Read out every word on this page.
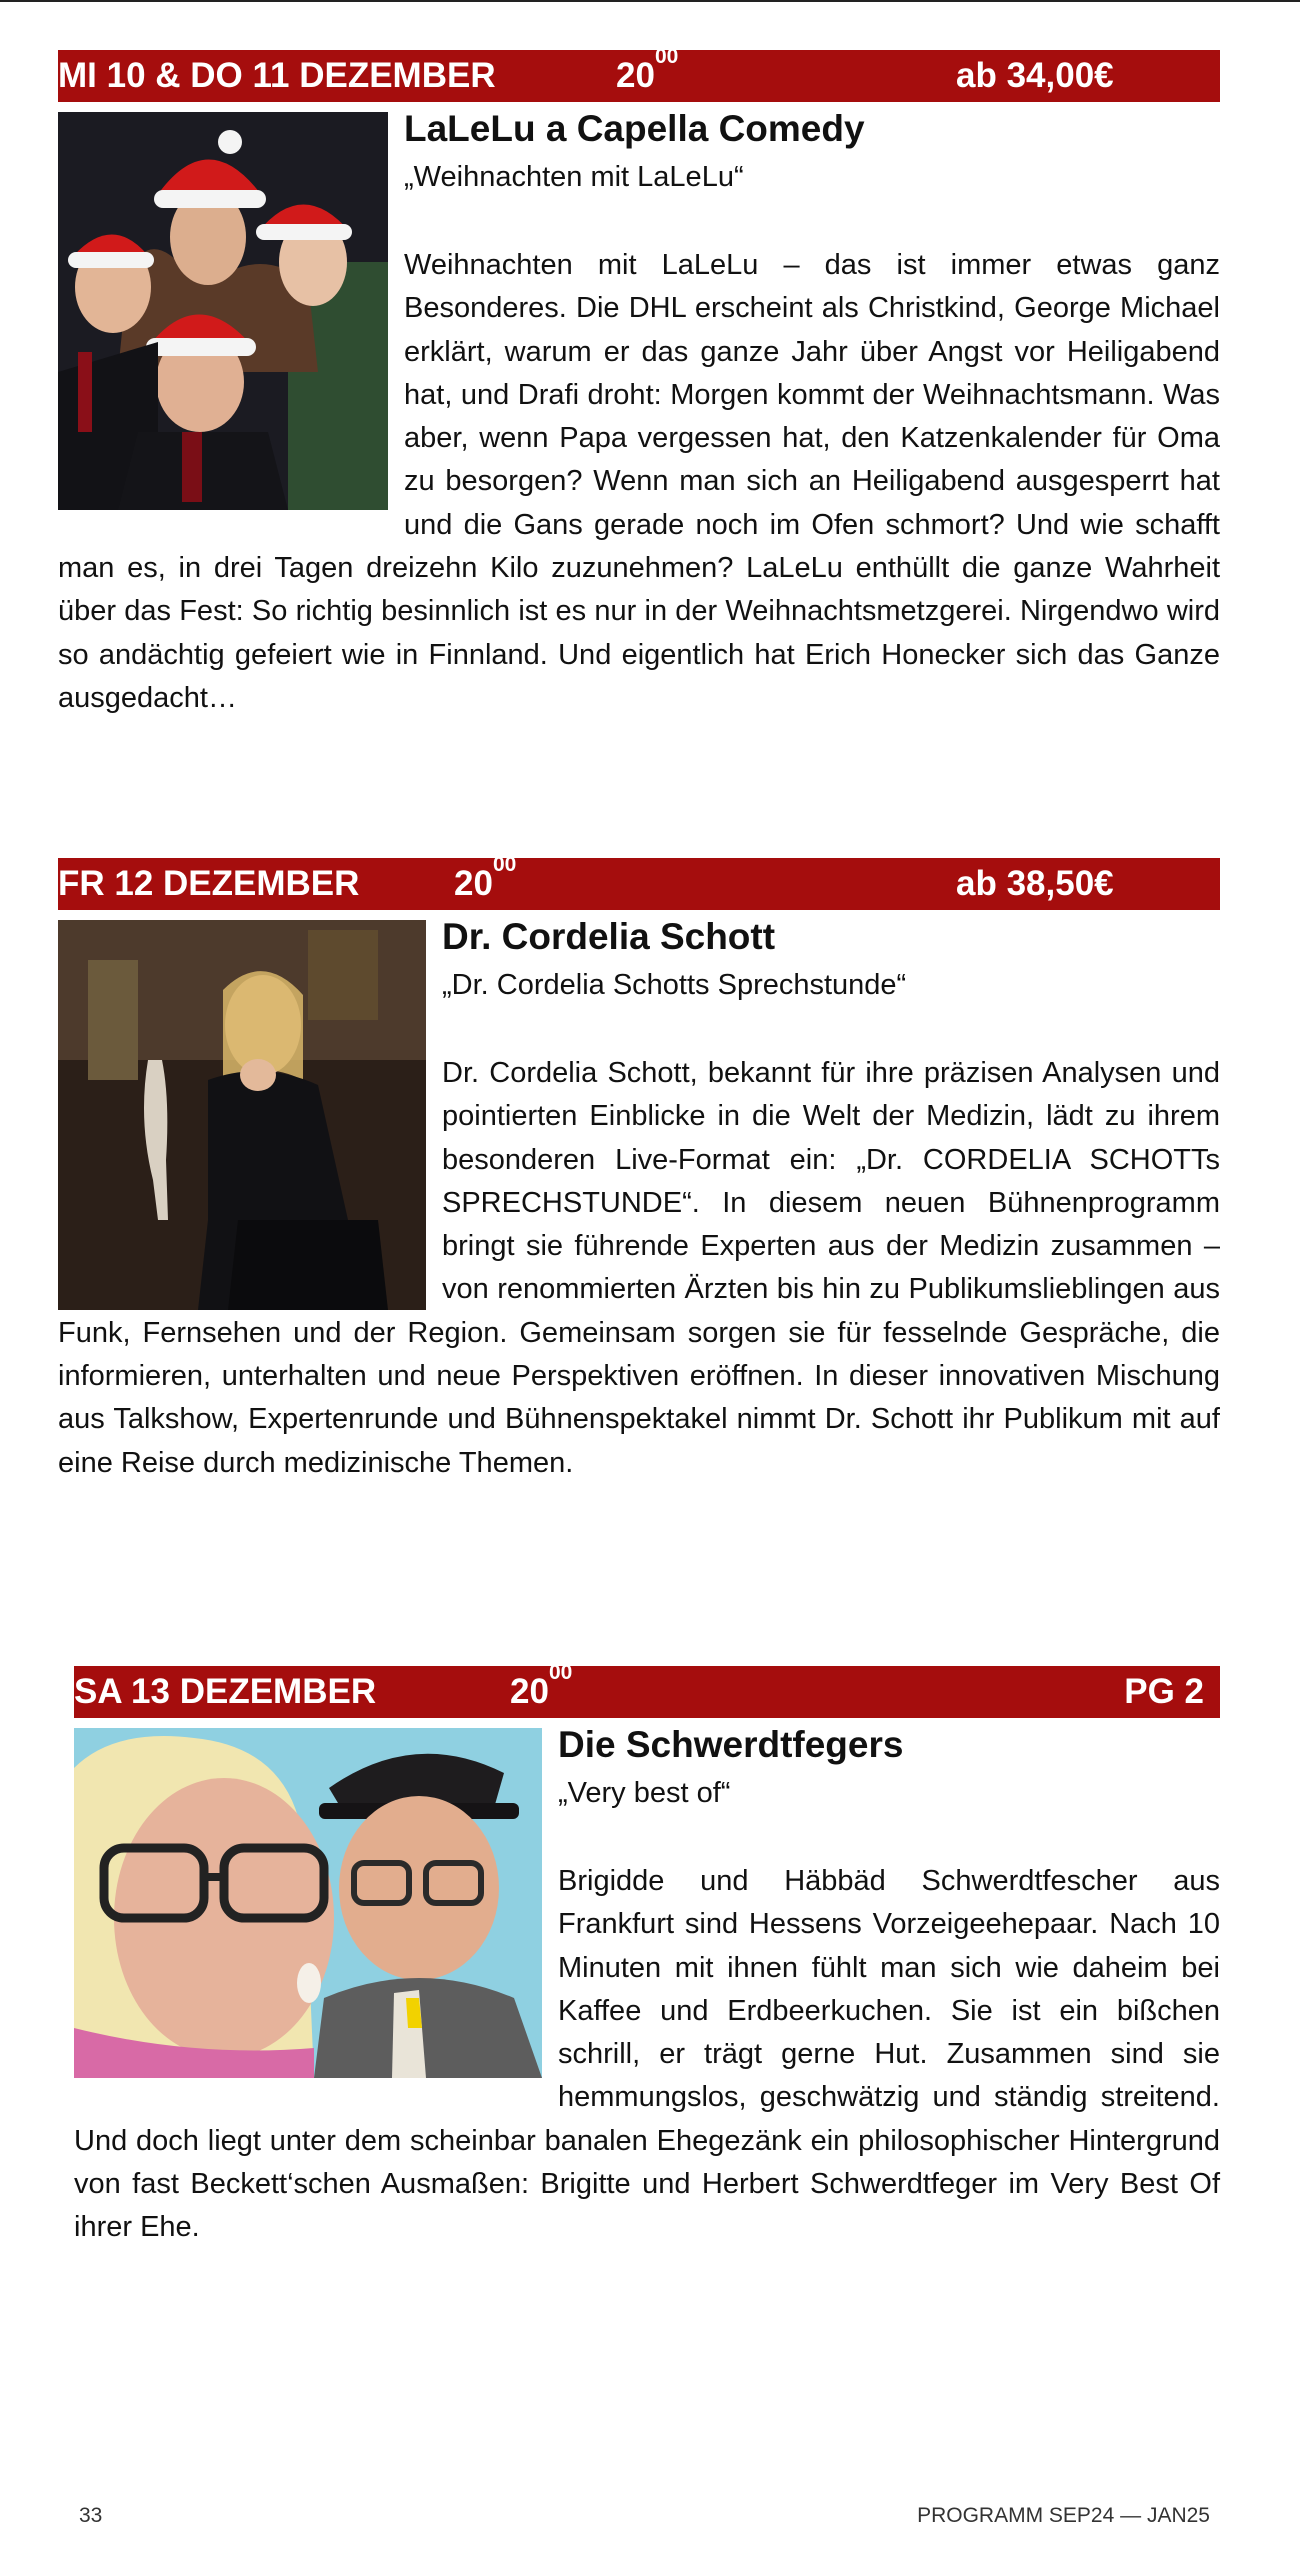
MI 10 & DO 11 DEZEMBER	$20^{00}$	ab 34,00€
LaLeLu a Capella Comedy
„Weihnachten mit LaLeLu“

Weihnachten mit LaLeLu – das ist immer etwas ganz Besonderes. Die DHL erscheint als Christkind, George Michael erklärt, warum er das ganze Jahr über Angst vor Heiligabend hat, und Drafi droht: Morgen kommt der Weihnachtsmann. Was aber, wenn Papa vergessen hat, den Katzenkalender für Oma zu besorgen? Wenn man sich an Heiligabend ausgesperrt hat und die Gans gerade noch im Ofen schmort? Und wie schafft man es, in drei Tagen dreizehn Kilo zuzunehmen? LaLeLu enthüllt die ganze Wahrheit über das Fest: So richtig besinnlich ist es nur in der Weihnachtsmetzgerei. Nirgendwo wird so andächtig gefeiert wie in Finnland. Und eigentlich hat Erich Honecker sich das Ganze ausgedacht…

FR 12 DEZEMBER	$20^{00}$	ab 38,50€
Dr. Cordelia Schott
„Dr. Cordelia Schotts Sprechstunde“

Dr. Cordelia Schott, bekannt für ihre präzisen Analysen und pointierten Einblicke in die Welt der Medizin, lädt zu ihrem besonderen Live-Format ein: „Dr. CORDELIA SCHOTTs SPRECHSTUNDE“. In diesem neuen Bühnenprogramm bringt sie führende Experten aus der Medizin zusammen – von renommierten Ärzten bis hin zu Publikumslieblingen aus Funk, Fernsehen und der Region. Gemeinsam sorgen sie für fesselnde Gespräche, die informieren, unterhalten und neue Perspektiven eröffnen. In dieser innovativen Mischung aus Talkshow, Expertenrunde und Bühnenspektakel nimmt Dr. Schott ihr Publikum mit auf eine Reise durch medizinische Themen.

SA 13 DEZEMBER	$20^{00}$	PG 2
Die Schwerdtfegers
„Very best of“

Brigidde und Häbbäd Schwerdtfescher aus Frankfurt sind Hessens Vorzeigeehepaar. Nach 10 Minuten mit ihnen fühlt man sich wie daheim bei Kaffee und Erdbeerkuchen. Sie ist ein bißchen schrill, er trägt gerne Hut. Zusammen sind sie hemmungslos, geschwätzig und ständig streitend. Und doch liegt unter dem scheinbar banalen Ehegezänk ein philosophischer Hintergrund von fast Beckett‘schen Ausmaßen: Brigitte und Herbert Schwerdtfeger im Very Best Of ihrer Ehe.

33	PROGRAMM SEP24 — JAN25
